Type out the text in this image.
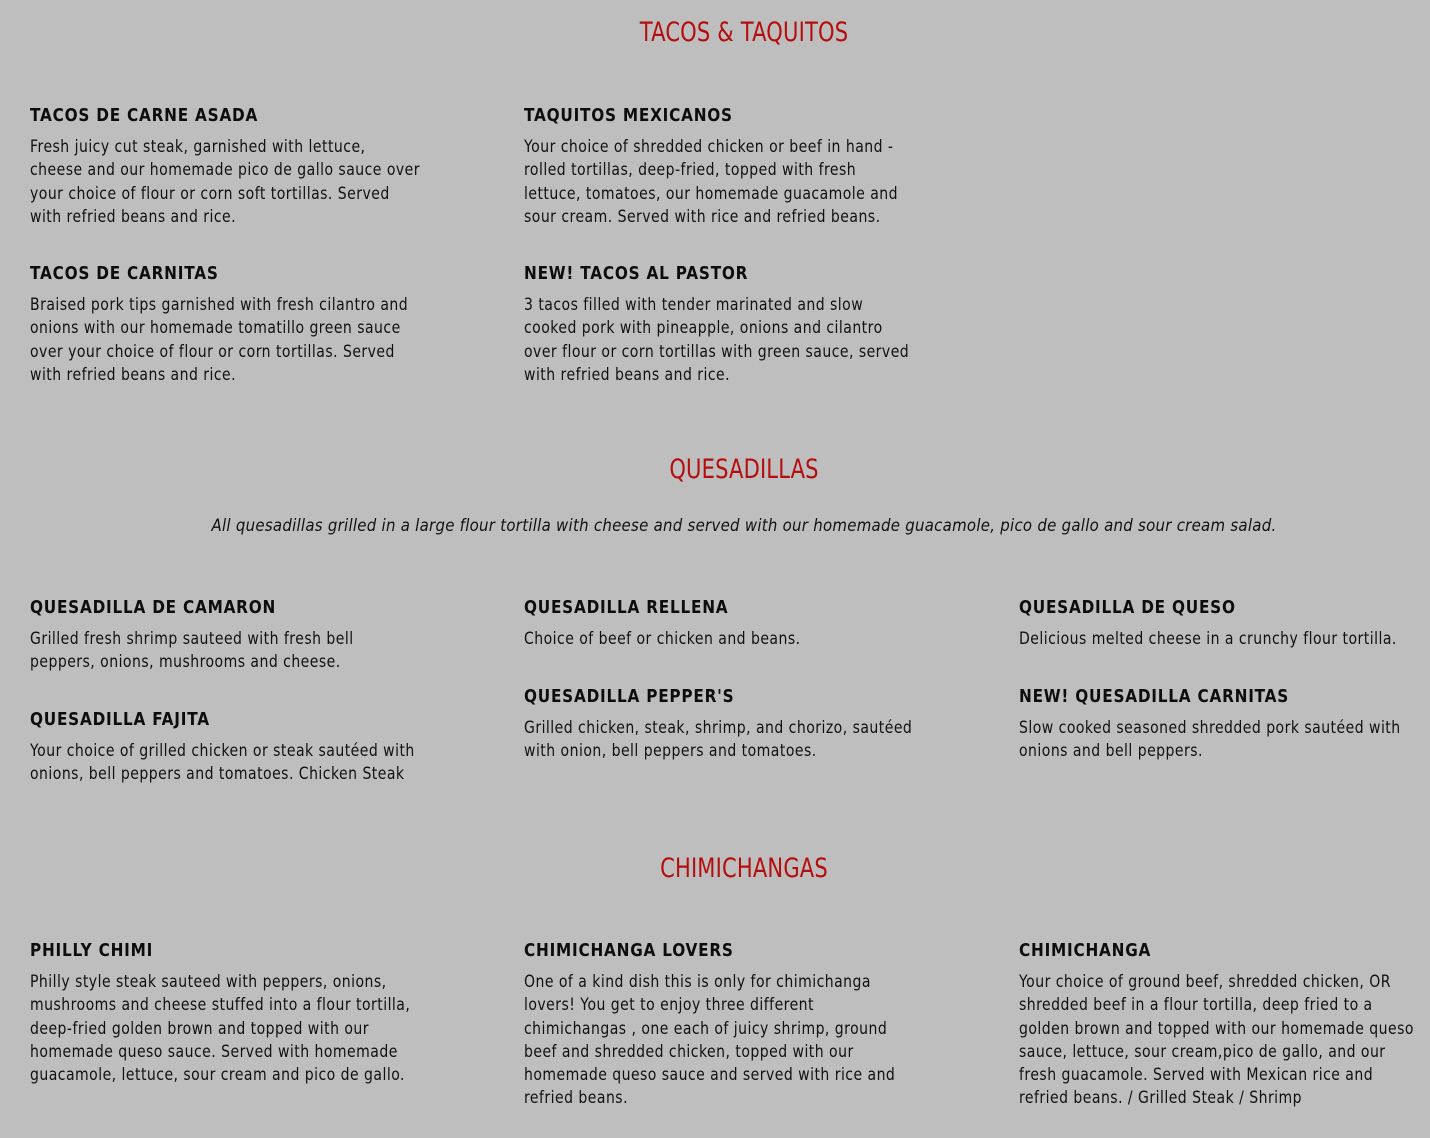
TACOS & TAQUITOS
TACOS DE CARNE ASADA
Fresh juicy cut steak, garnished with lettuce, cheese and our homemade pico de gallo sauce over your choice of flour or corn soft tortillas. Served with refried beans and rice.
TAQUITOS MEXICANOS
Your choice of shredded chicken or beef in hand - rolled tortillas, deep-fried, topped with fresh lettuce, tomatoes, our homemade guacamole and sour cream. Served with rice and refried beans.
TACOS DE CARNITAS
Braised pork tips garnished with fresh cilantro and onions with our homemade tomatillo green sauce over your choice of flour or corn tortillas. Served with refried beans and rice.
NEW! TACOS AL PASTOR
3 tacos filled with tender marinated and slow cooked pork with pineapple, onions and cilantro over flour or corn tortillas with green sauce, served with refried beans and rice.
QUESADILLAS
All quesadillas grilled in a large flour tortilla with cheese and served with our homemade guacamole, pico de gallo and sour cream salad.
QUESADILLA DE CAMARON
Grilled fresh shrimp sauteed with fresh bell peppers, onions, mushrooms and cheese.
QUESADILLA RELLENA
Choice of beef or chicken and beans.
QUESADILLA DE QUESO
Delicious melted cheese in a crunchy flour tortilla.
QUESADILLA FAJITA
Your choice of grilled chicken or steak sautéed with onions, bell peppers and tomatoes. Chicken Steak
QUESADILLA PEPPER'S
Grilled chicken, steak, shrimp, and chorizo, sautéed with onion, bell peppers and tomatoes.
NEW! QUESADILLA CARNITAS
Slow cooked seasoned shredded pork sautéed with onions and bell peppers.
CHIMICHANGAS
PHILLY CHIMI
Philly style steak sauteed with peppers, onions, mushrooms and cheese stuffed into a flour tortilla, deep-fried golden brown and topped with our homemade queso sauce. Served with homemade guacamole, lettuce, sour cream and pico de gallo.
CHIMICHANGA LOVERS
One of a kind dish this is only for chimichanga lovers! You get to enjoy three different chimichangas , one each of juicy shrimp, ground beef and shredded chicken, topped with our homemade queso sauce and served with rice and refried beans.
CHIMICHANGA
Your choice of ground beef, shredded chicken, OR shredded beef in a flour tortilla, deep fried to a golden brown and topped with our homemade queso sauce, lettuce, sour cream,pico de gallo, and our fresh guacamole. Served with Mexican rice and refried beans. / Grilled Steak / Shrimp
